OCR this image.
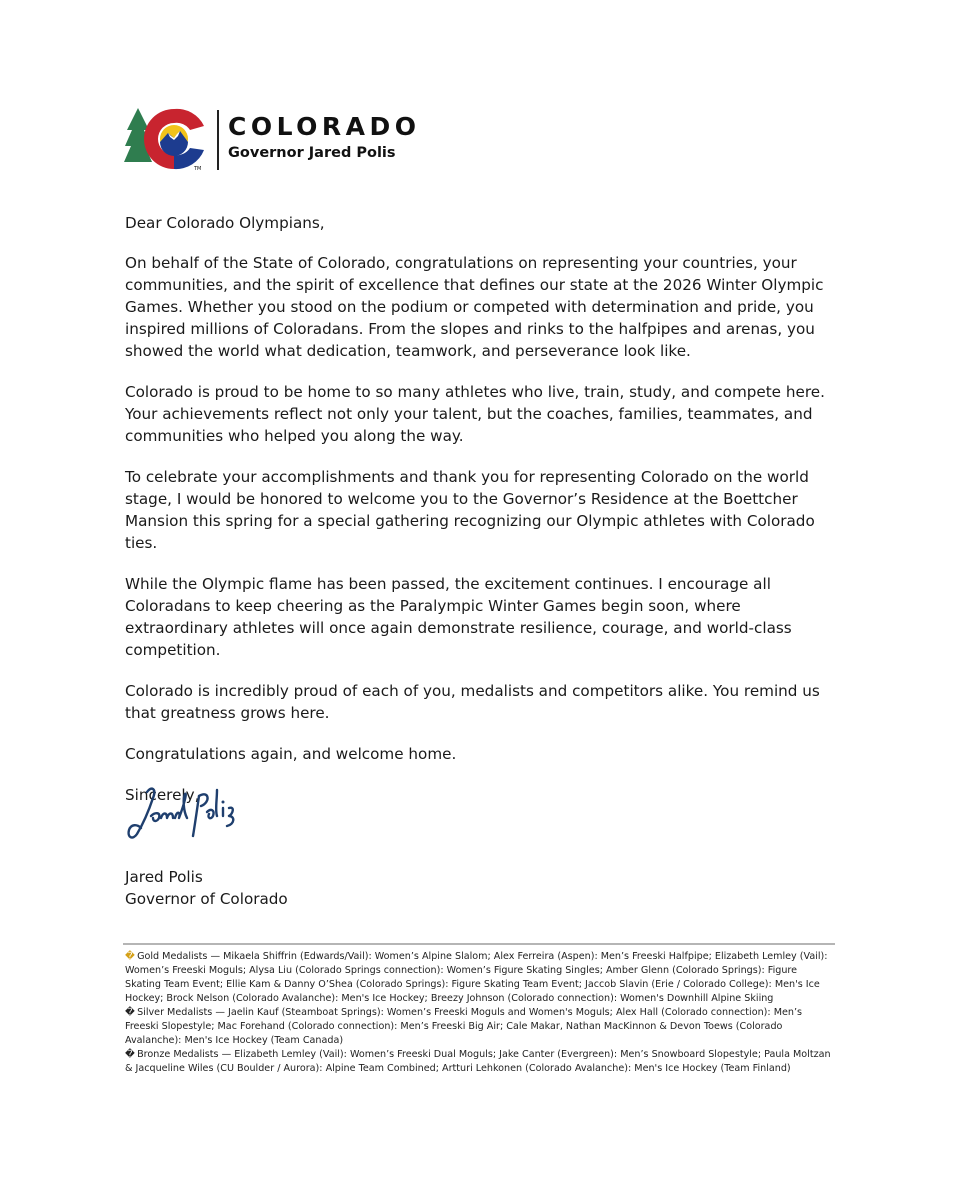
TM
COLORADO
Governor Jared Polis

Dear Colorado Olympians,

On behalf of the State of Colorado, congratulations on representing your countries, your communities, and the spirit of excellence that defines our state at the 2026 Winter Olympic Games. Whether you stood on the podium or competed with determination and pride, you inspired millions of Coloradans. From the slopes and rinks to the halfpipes and arenas, you showed the world what dedication, teamwork, and perseverance look like.

Colorado is proud to be home to so many athletes who live, train, study, and compete here. Your achievements reflect not only your talent, but the coaches, families, teammates, and communities who helped you along the way.

To celebrate your accomplishments and thank you for representing Colorado on the world stage, I would be honored to welcome you to the Governor’s Residence at the Boettcher Mansion this spring for a special gathering recognizing our Olympic athletes with Colorado ties.

While the Olympic flame has been passed, the excitement continues. I encourage all Coloradans to keep cheering as the Paralympic Winter Games begin soon, where extraordinary athletes will once again demonstrate resilience, courage, and world-class competition.

Colorado is incredibly proud of each of you, medalists and competitors alike. You remind us that greatness grows here.

Congratulations again, and welcome home.

Sincerely,

Jared Polis
Governor of Colorado

� Gold Medalists — Mikaela Shiffrin (Edwards/Vail): Women’s Alpine Slalom; Alex Ferreira (Aspen): Men’s Freeski Halfpipe; Elizabeth Lemley (Vail): Women’s Freeski Moguls; Alysa Liu (Colorado Springs connection): Women’s Figure Skating Singles; Amber Glenn (Colorado Springs): Figure Skating Team Event; Ellie Kam & Danny O’Shea (Colorado Springs): Figure Skating Team Event; Jaccob Slavin (Erie / Colorado College): Men's Ice Hockey; Brock Nelson (Colorado Avalanche): Men's Ice Hockey; Breezy Johnson (Colorado connection): Women's Downhill Alpine Skiing

� Silver Medalists — Jaelin Kauf (Steamboat Springs): Women’s Freeski Moguls and Women's Moguls; Alex Hall (Colorado connection): Men’s Freeski Slopestyle; Mac Forehand (Colorado connection): Men’s Freeski Big Air; Cale Makar, Nathan MacKinnon & Devon Toews (Colorado Avalanche): Men's Ice Hockey (Team Canada)

� Bronze Medalists — Elizabeth Lemley (Vail): Women’s Freeski Dual Moguls; Jake Canter (Evergreen): Men’s Snowboard Slopestyle; Paula Moltzan & Jacqueline Wiles (CU Boulder / Aurora): Alpine Team Combined; Artturi Lehkonen (Colorado Avalanche): Men's Ice Hockey (Team Finland)
